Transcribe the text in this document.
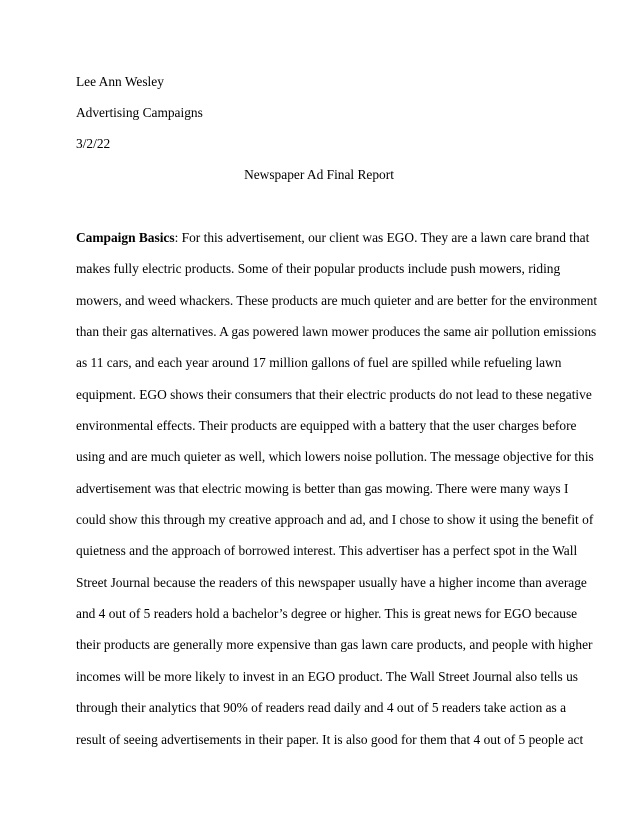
Lee Ann Wesley
Advertising Campaigns
3/2/22
Newspaper Ad Final Report

Campaign Basics: For this advertisement, our client was EGO. They are a lawn care brand that
makes fully electric products. Some of their popular products include push mowers, riding
mowers, and weed whackers. These products are much quieter and are better for the environment
than their gas alternatives. A gas powered lawn mower produces the same air pollution emissions
as 11 cars, and each year around 17 million gallons of fuel are spilled while refueling lawn
equipment. EGO shows their consumers that their electric products do not lead to these negative
environmental effects. Their products are equipped with a battery that the user charges before
using and are much quieter as well, which lowers noise pollution. The message objective for this
advertisement was that electric mowing is better than gas mowing. There were many ways I
could show this through my creative approach and ad, and I chose to show it using the benefit of
quietness and the approach of borrowed interest. This advertiser has a perfect spot in the Wall
Street Journal because the readers of this newspaper usually have a higher income than average
and 4 out of 5 readers hold a bachelor’s degree or higher. This is great news for EGO because
their products are generally more expensive than gas lawn care products, and people with higher
incomes will be more likely to invest in an EGO product. The Wall Street Journal also tells us
through their analytics that 90% of readers read daily and 4 out of 5 readers take action as a
result of seeing advertisements in their paper. It is also good for them that 4 out of 5 people act
